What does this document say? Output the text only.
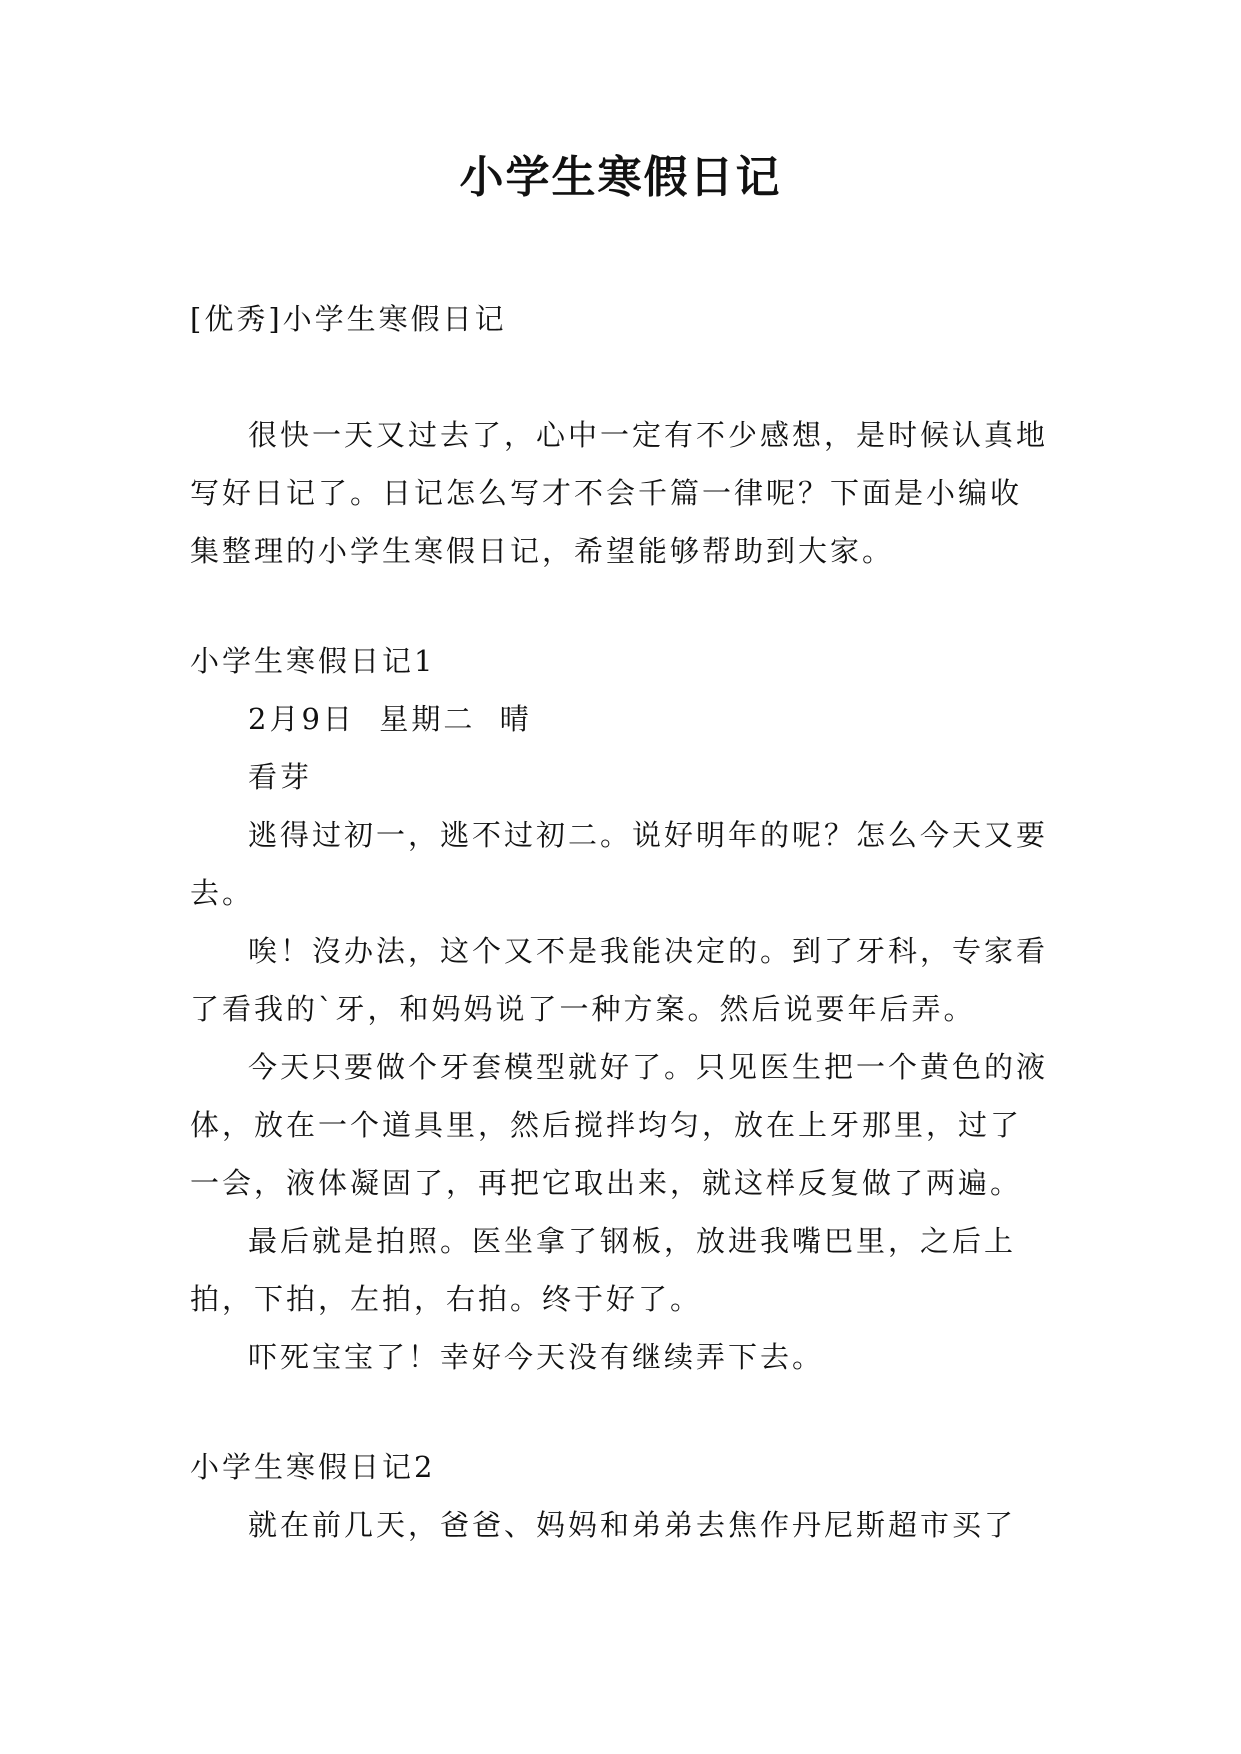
小学生寒假日记

[优秀]小学生寒假日记

很快一天又过去了，心中一定有不少感想，是时候认真地写好日记了。日记怎么写才不会千篇一律呢？下面是小编收集整理的小学生寒假日记，希望能够帮助到大家。

小学生寒假日记1

2月9日  星期二  晴

看芽

逃得过初一，逃不过初二。说好明年的呢？怎么今天又要去。

唉！沒办法，这个又不是我能决定的。到了牙科，专家看了看我的`牙，和妈妈说了一种方案。然后说要年后弄。

今天只要做个牙套模型就好了。只见医生把一个黄色的液体，放在一个道具里，然后搅拌均匀，放在上牙那里，过了一会，液体凝固了，再把它取出来，就这样反复做了两遍。

最后就是拍照。医坐拿了钢板，放进我嘴巴里，之后上拍，下拍，左拍，右拍。终于好了。

吓死宝宝了！幸好今天没有继续弄下去。

小学生寒假日记2

就在前几天，爸爸、妈妈和弟弟去焦作丹尼斯超市买了
